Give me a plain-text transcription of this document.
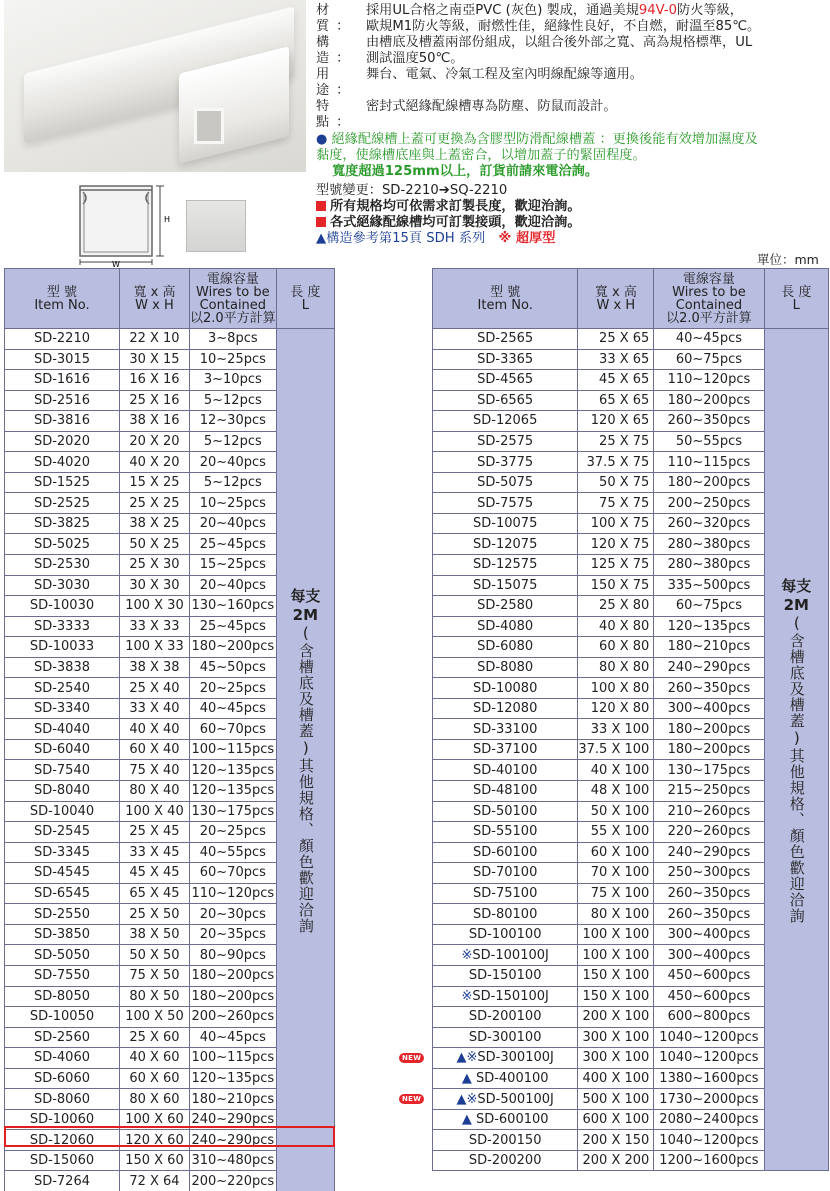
H
W
材　質：
採用UL合格之南亞PVC (灰色) 製成，通過美規94V-0防火等級，
歐規M1防火等級，耐燃性佳，絕緣性良好，不自燃，耐溫至85℃。
構　造：
由槽底及槽蓋兩部份組成，以組合後外部之寬、高為規格標準，UL
測試溫度50℃。
用　途：
舞台、電氣、冷氣工程及室內明線配線等適用。
特　點：
密封式絕緣配線槽專為防塵、防鼠而設計。
● 絕緣配線槽上蓋可更換為含膠型防滑配線槽蓋 ：更換後能有效增加濕度及
黏度，使線槽底座與上蓋密合，以增加蓋子的緊固程度。
寬度超過125mm以上，訂貨前請來電洽詢。
型號變更：SD-2210➔SQ-2210
所有規格均可依需求訂製長度，歡迎治詢。
各式絕緣配線槽均可訂製接頭，歡迎洽詢。
▲構造參考第15頁 SDH 系列　 ※ 超厚型
單位：mm
型 號
Item No.	寬 x 高
W x H	電線容量
Wires to be
Contained
以2.0平方計算	長 度
L
SD-2210	22 X 10	3~8pcs	每支
2M
(含槽底及槽蓋)其他規格、顏色歡迎洽詢

SD-3015	30 X 15	10~25pcs	
SD-1616	16 X 16	3~10pcs	
SD-2516	25 X 16	5~12pcs	
SD-3816	38 X 16	12~30pcs	
SD-2020	20 X 20	5~12pcs	
SD-4020	40 X 20	20~40pcs	
SD-1525	15 X 25	5~12pcs	
SD-2525	25 X 25	10~25pcs	
SD-3825	38 X 25	20~40pcs	
SD-5025	50 X 25	25~45pcs	
SD-2530	25 X 30	15~25pcs	
SD-3030	30 X 30	20~40pcs	
SD-10030	100 X 30	130~160pcs	
SD-3333	33 X 33	25~45pcs	
SD-10033	100 X 33	180~200pcs	
SD-3838	38 X 38	45~50pcs	
SD-2540	25 X 40	20~25pcs	
SD-3340	33 X 40	40~45pcs	
SD-4040	40 X 40	60~70pcs	
SD-6040	60 X 40	100~115pcs	
SD-7540	75 X 40	120~135pcs	
SD-8040	80 X 40	120~135pcs	
SD-10040	100 X 40	130~175pcs	
SD-2545	25 X 45	20~25pcs	
SD-3345	33 X 45	40~55pcs	
SD-4545	45 X 45	60~70pcs	
SD-6545	65 X 45	110~120pcs	
SD-2550	25 X 50	20~30pcs	
SD-3850	38 X 50	20~35pcs	
SD-5050	50 X 50	80~90pcs	
SD-7550	75 X 50	180~200pcs	
SD-8050	80 X 50	180~200pcs	
SD-10050	100 X 50	200~260pcs	
SD-2560	25 X 60	40~45pcs	
SD-4060	40 X 60	100~115pcs	
SD-6060	60 X 60	120~135pcs	
SD-8060	80 X 60	180~210pcs	
SD-10060	100 X 60	240~290pcs	
SD-12060	120 X 60	240~290pcs	
SD-15060	150 X 60	310~480pcs	
SD-7264	72 X 64	200~220pcs	
型 號
Item No.	寬 x 高
W x H	電線容量
Wires to be
Contained
以2.0平方計算	長 度
L
SD-2565	25 X 65	40~45pcs	每支
2M
(含槽底及槽蓋)其他規格、顏色歡迎洽詢

SD-3365	33 X 65	60~75pcs	
SD-4565	45 X 65	110~120pcs	
SD-6565	65 X 65	180~200pcs	
SD-12065	120 X 65	260~350pcs	
SD-2575	25 X 75	50~55pcs	
SD-3775	37.5 X 75	110~115pcs	
SD-5075	50 X 75	180~200pcs	
SD-7575	75 X 75	200~250pcs	
SD-10075	100 X 75	260~320pcs	
SD-12075	120 X 75	280~380pcs	
SD-12575	125 X 75	280~380pcs	
SD-15075	150 X 75	335~500pcs	
SD-2580	25 X 80	60~75pcs	
SD-4080	40 X 80	120~135pcs	
SD-6080	60 X 80	180~210pcs	
SD-8080	80 X 80	240~290pcs	
SD-10080	100 X 80	260~350pcs	
SD-12080	120 X 80	300~400pcs	
SD-33100	33 X 100	180~200pcs	
SD-37100	37.5 X 100	180~200pcs	
SD-40100	40 X 100	130~175pcs	
SD-48100	48 X 100	215~250pcs	
SD-50100	50 X 100	210~260pcs	
SD-55100	55 X 100	220~260pcs	
SD-60100	60 X 100	240~290pcs	
SD-70100	70 X 100	250~300pcs	
SD-75100	75 X 100	260~350pcs	
SD-80100	80 X 100	260~350pcs	
SD-100100	100 X 100	300~400pcs	
※SD-100100J	100 X 100	300~400pcs	
SD-150100	150 X 100	450~600pcs	
※SD-150100J	150 X 100	450~600pcs	
SD-200100	200 X 100	600~800pcs	
SD-300100	300 X 100	1040~1200pcs	
▲※SD-300100J	300 X 100	1040~1200pcs	
▲ SD-400100	400 X 100	1380~1600pcs	
▲※SD-500100J	500 X 100	1730~2000pcs	
▲ SD-600100	600 X 100	2080~2400pcs	
SD-200150	200 X 150	1040~1200pcs	
SD-200200	200 X 200	1200~1600pcs	
NEW
NEW
